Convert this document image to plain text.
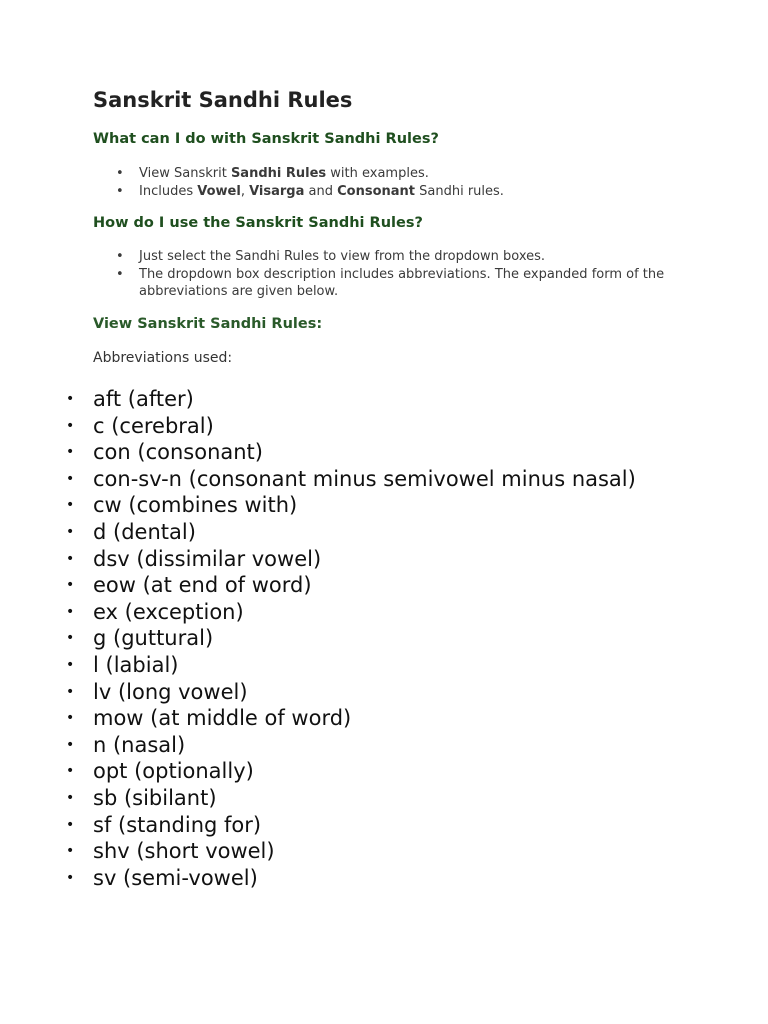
Sanskrit Sandhi Rules
What can I do with Sanskrit Sandhi Rules?
• View Sanskrit Sandhi Rules with examples.
• Includes Vowel, Visarga and Consonant Sandhi rules.
How do I use the Sanskrit Sandhi Rules?
• Just select the Sandhi Rules to view from the dropdown boxes.
• The dropdown box description includes abbreviations. The expanded form of the abbreviations are given below.
View Sanskrit Sandhi Rules:

Abbreviations used:

• aft (after)
• c (cerebral)
• con (consonant)
• con-sv-n (consonant minus semivowel minus nasal)
• cw (combines with)
• d (dental)
• dsv (dissimilar vowel)
• eow (at end of word)
• ex (exception)
• g (guttural)
• l (labial)
• lv (long vowel)
• mow (at middle of word)
• n (nasal)
• opt (optionally)
• sb (sibilant)
• sf (standing for)
• shv (short vowel)
• sv (semi-vowel)
